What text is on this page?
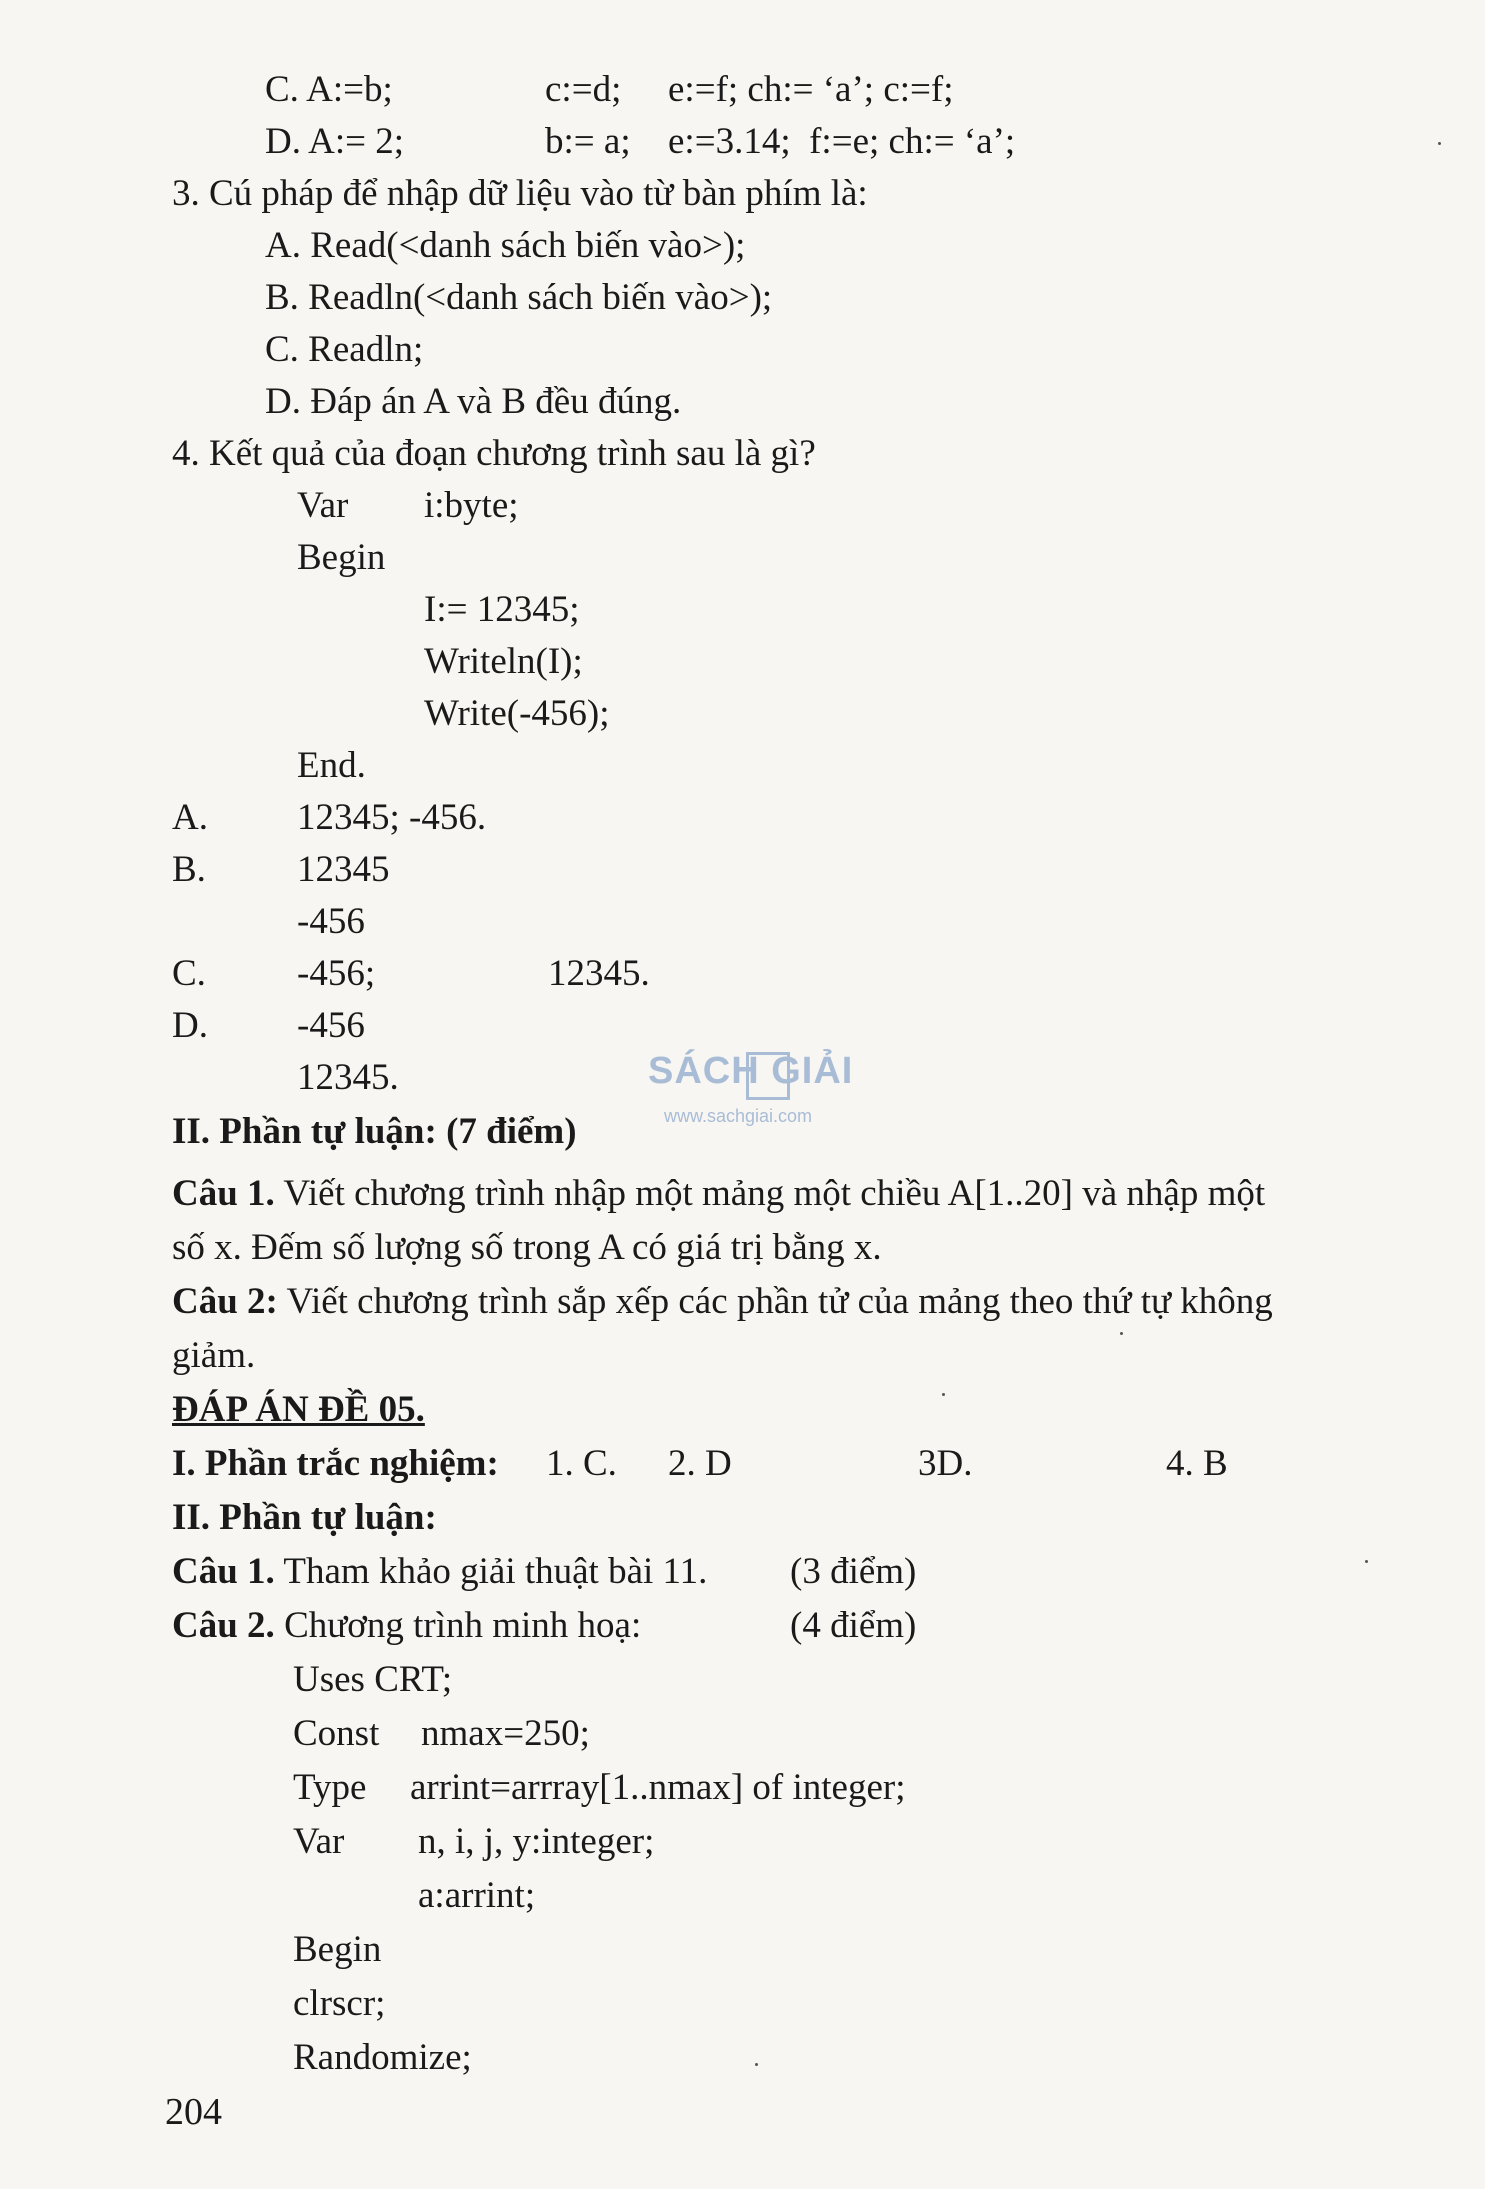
C. A:=b;	c:=d; e:=f; ch:= ‘a’; c:=f;
D. A:= 2;	b:= a; e:=3.14;  f:=e; ch:= ‘a’;
3. Cú pháp để nhập dữ liệu vào từ bàn phím là:
A. Read(<danh sách biến vào>);
B. Readln(<danh sách biến vào>);
C. Readln;
D. Đáp án A và B đều đúng.
4. Kết quả của đoạn chương trình sau là gì?
Var i:byte;
Begin
I:= 12345;
Writeln(I);
Write(-456);
End.
A. 12345; -456.
B. 12345
-456
C. -456;	12345.
D. -456
12345.	SÁCH GIẢI
www.sachgiai.com
II. Phần tự luận: (7 điểm)
Câu 1. Viết chương trình nhập một mảng một chiều A[1..20] và nhập một
số x. Đếm số lượng số trong A có giá trị bằng x.
Câu 2: Viết chương trình sắp xếp các phần tử của mảng theo thứ tự không
giảm.
ĐÁP ÁN ĐỀ 05.
I. Phần trắc nghiệm: 1. C. 2. D	3D.	4. B
II. Phần tự luận:
Câu 1. Tham khảo giải thuật bài 11. (3 điểm)
Câu 2. Chương trình minh hoạ:	(4 điểm)
Uses CRT;
Const nmax=250;
Type arrint=arrray[1..nmax] of integer;
Var n, i, j, y:integer;
a:arrint;
Begin
clrscr;
Randomize;
204
